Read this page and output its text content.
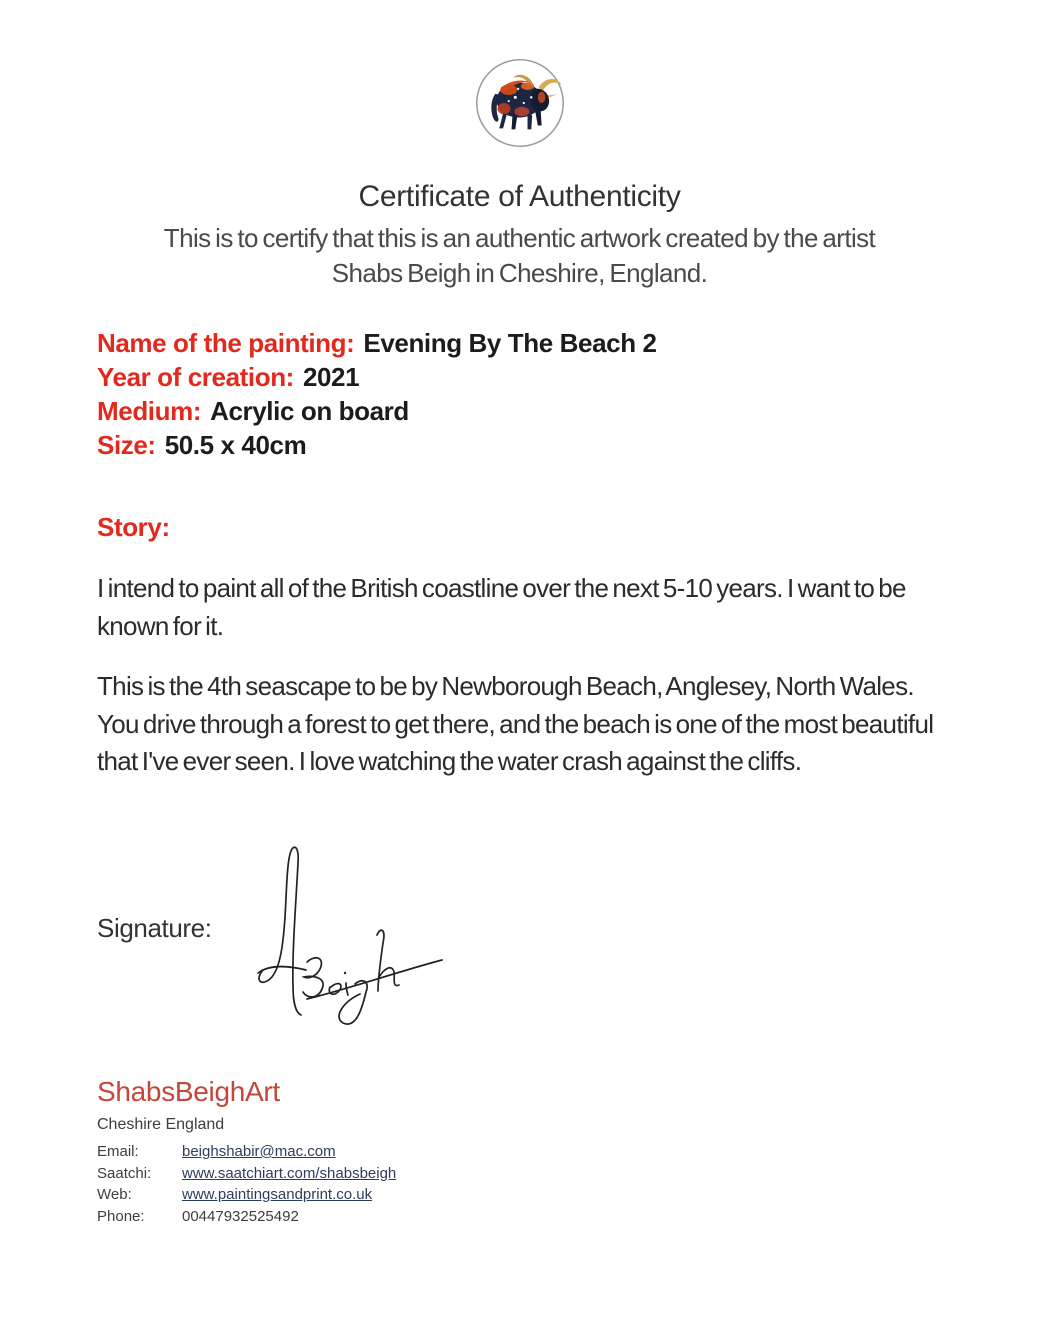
Certificate of Authenticity
This is to certify that this is an authentic artwork created by the artist
Shabs Beigh in Cheshire, England.
Name of the painting: Evening By The Beach 2
Year of creation: 2021
Medium: Acrylic on board
Size: 50.5 x 40cm
Story:
I intend to paint all of the British coastline over the next 5-10 years. I want to be known for it.
This is the 4th seascape to be by Newborough Beach, Anglesey, North Wales. You drive through a forest to get there, and the beach is one of the most beautiful that I've ever seen. I love watching the water crash against the cliffs.
Signature:
ShabsBeighArt
Cheshire England
Email:	beighshabir@mac.com
Saatchi: www.saatchiart.com/shabsbeigh
Web:	www.paintingsandprint.co.uk
Phone: 00447932525492
